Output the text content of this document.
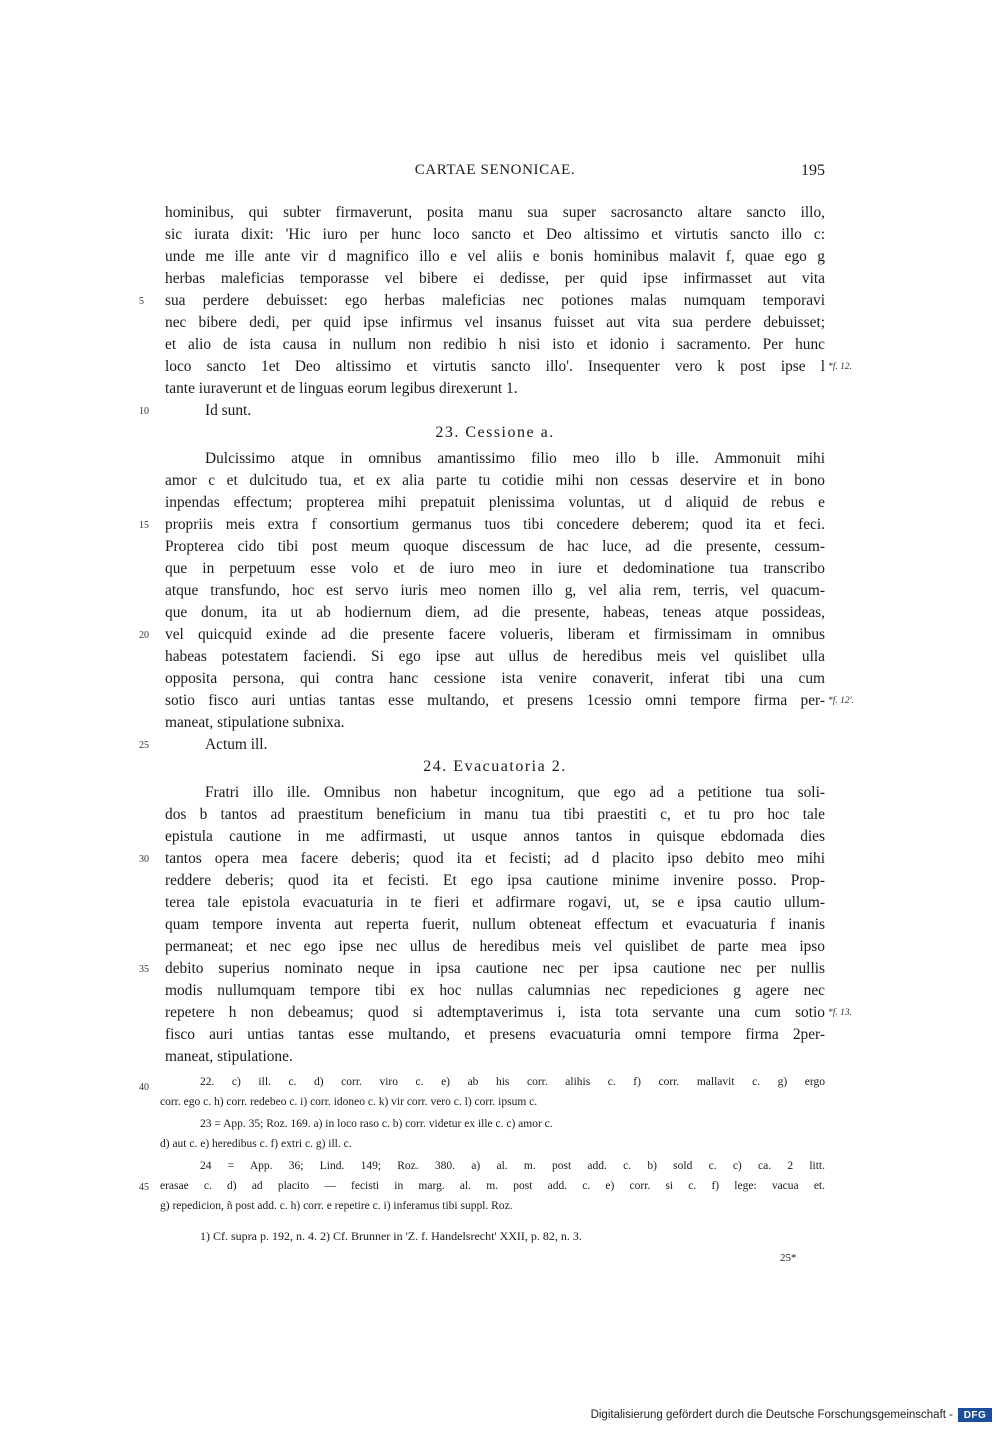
CARTAE SENONICAE.	195
hominibus, qui subter firmaverunt, posita manu sua super sacrosancto altare sancto illo,
sic iurata dixit: 'Hic iuro per hunc loco sancto et Deo altissimo et virtutis sancto illo c:
unde me ille ante vir d magnifico illo e vel aliis e bonis hominibus malavit f, quae ego g
herbas maleficias temporasse vel bibere ei dedisse, per quid ipse infirmasset aut vita
sua perdere debuisset: ego herbas maleficias nec potiones malas numquam temporavi
nec bibere dedi, per quid ipse infirmus vel insanus fuisset aut vita sua perdere debuisset;
et alio de ista causa in nullum non redibio h nisi isto et idonio i sacramento. Per hunc
loco sancto 1et Deo altissimo et virtutis sancto illo'. Insequenter vero k post ipse l
tante iuraverunt et de linguas eorum legibus direxerunt 1.
Id sunt.
23. Cessione a.
Dulcissimo atque in omnibus amantissimo filio meo illo b ille. Ammonuit mihi
amor c et dulcitudo tua, et ex alia parte tu cotidie mihi non cessas deservire et in bono
inpendas effectum; propterea mihi prepatuit plenissima voluntas, ut d aliquid de rebus e
propriis meis extra f consortium germanus tuos tibi concedere deberem; quod ita et feci.
Propterea cido tibi post meum quoque discessum de hac luce, ad die presente, cessum-
que in perpetuum esse volo et de iuro meo in iure et dedominatione tua transcribo
atque transfundo, hoc est servo iuris meo nomen illo g, vel alia rem, terris, vel quacum-
que donum, ita ut ab hodiernum diem, ad die presente, habeas, teneas atque possideas,
vel quicquid exinde ad die presente facere volueris, liberam et firmissimam in omnibus
habeas potestatem faciendi. Si ego ipse aut ullus de heredibus meis vel quislibet ulla
opposita persona, qui contra hanc cessione ista venire conaverit, inferat tibi una cum
sotio fisco auri untias tantas esse multando, et presens 1cessio omni tempore firma per-
maneat, stipulatione subnixa.
Actum ill.
24. Evacuatoria 2.
Fratri illo ille. Omnibus non habetur incognitum, que ego ad a petitione tua soli-
dos b tantos ad praestitum beneficium in manu tua tibi praestiti c, et tu pro hoc tale
epistula cautione in me adfirmasti, ut usque annos tantos in quisque ebdomada dies
tantos opera mea facere deberis; quod ita et fecisti; ad d placito ipso debito meo mihi
reddere deberis; quod ita et fecisti. Et ego ipsa cautione minime invenire posso. Prop-
terea tale epistola evacuaturia in te fieri et adfirmare rogavi, ut, se e ipsa cautio ullum-
quam tempore inventa aut reperta fuerit, nullum obteneat effectum et evacuaturia f inanis
permaneat; et nec ego ipse nec ullus de heredibus meis vel quislibet de parte mea ipso
debito superius nominato neque in ipsa cautione nec per ipsa cautione nec per nullis
modis nullumquam tempore tibi ex hoc nullas calumnias nec repediciones g agere nec
repetere h non debeamus; quod si adtemptaverimus i, ista tota servante una cum sotio
fisco auri untias tantas esse multando, et presens evacuaturia omni tempore firma 2per-
maneat, stipulatione.
5
10
15
20
25
30
35
40
45
*f. 12.
*f. 12'.
*f. 13.
22. c) ill. c. d) corr. viro c. e) ab his corr. alihis c. f) corr. mallavit c. g) ergo
corr. ego c. h) corr. redebeo c. i) corr. idoneo c. k) vir corr. vero c. l) corr. ipsum c.
23 = App. 35; Roz. 169. a) in loco raso c. b) corr. videtur ex ille c. c) amor c.
d) aut c. e) heredibus c. f) extri c. g) ill. c.
24 = App. 36; Lind. 149; Roz. 380. a) al. m. post add. c. b) sold c. c) ca. 2 litt.
erasae c. d) ad placito — fecisti in marg. al. m. post add. c. e) corr. si c. f) lege: vacua et.
g) repedicion, ñ post add. c. h) corr. e repetire c. i) inferamus tibi suppl. Roz.
1) Cf. supra p. 192, n. 4. 2) Cf. Brunner in 'Z. f. Handelsrecht' XXII, p. 82, n. 3.
25*
Digitalisierung gefördert durch die Deutsche Forschungsgemeinschaft -	DFG
